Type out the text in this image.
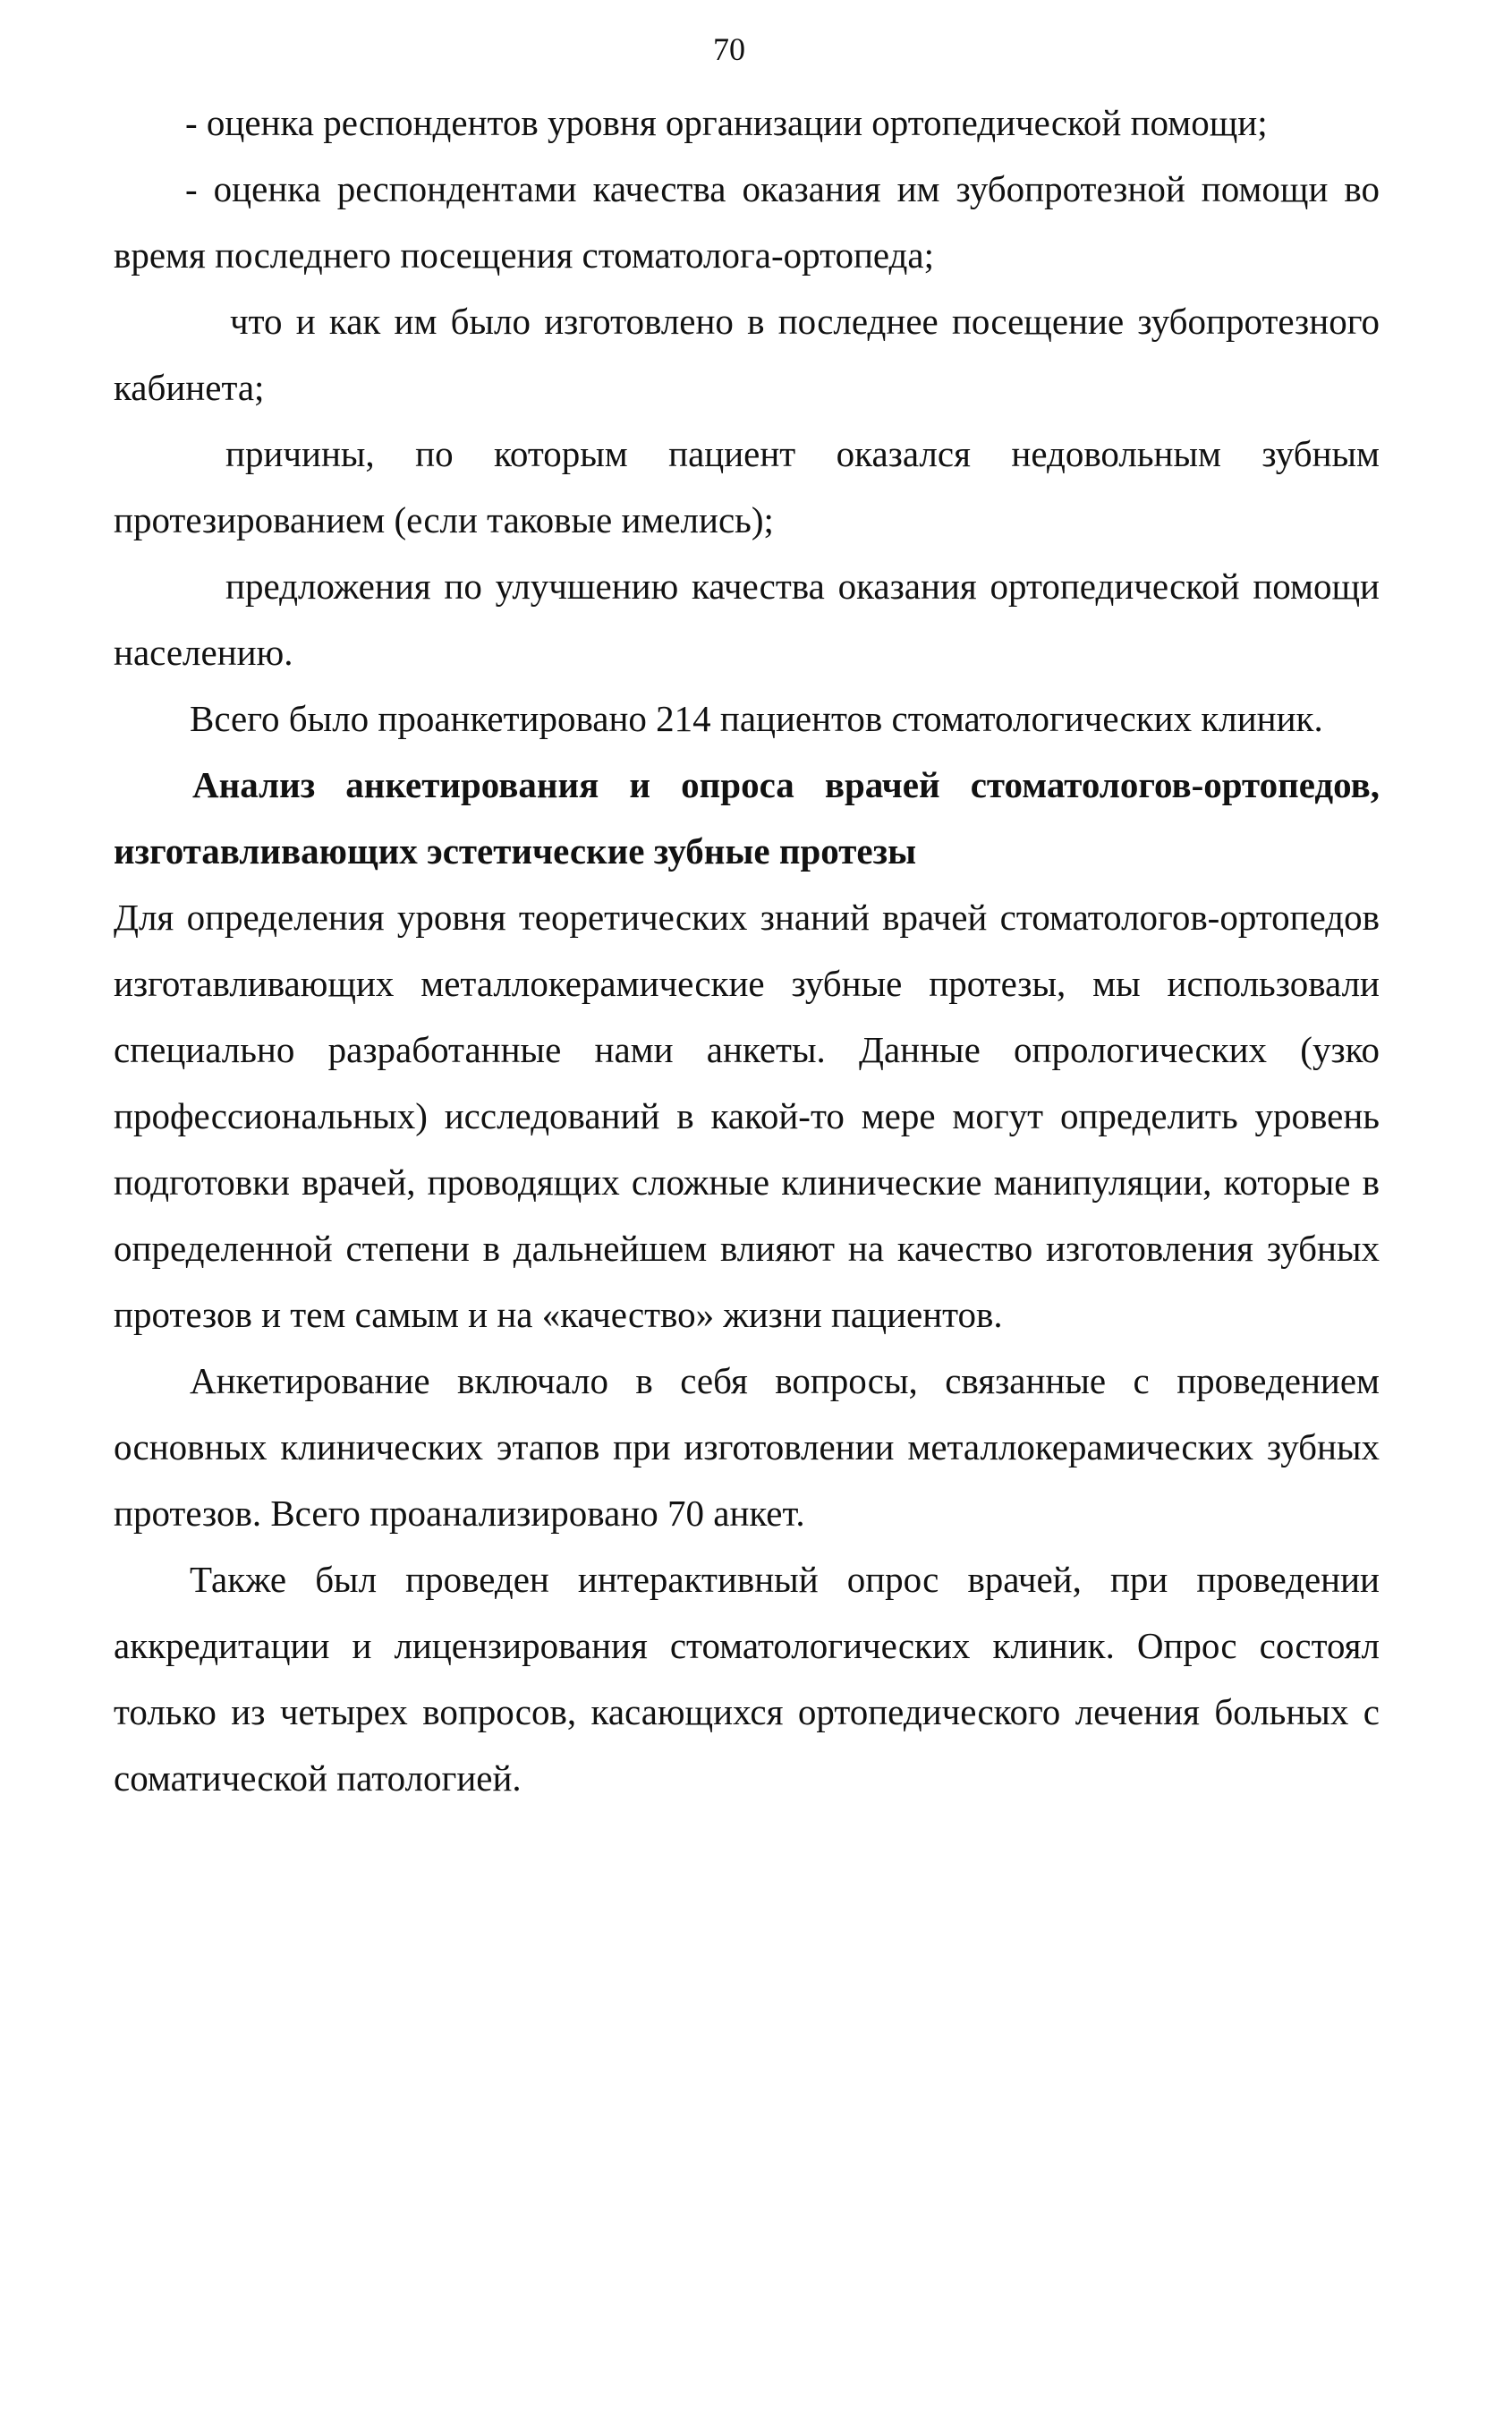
70

- оценка респондентов уровня организации ортопедической помощи;

- оценка респондентами качества оказания им зубопротезной помощи во время последнего посещения стоматолога-ортопеда;

что и как им было изготовлено в последнее посещение зубопротезного кабинета;

причины, по которым пациент оказался недовольным зубным протезированием (если таковые имелись);

предложения по улучшению качества оказания ортопедической помощи населению.

Всего было проанкетировано 214 пациентов стоматологических клиник.

Анализ анкетирования и опроса врачей стоматологов-ортопедов, изготавливающих эстетические зубные протезы

Для определения уровня теоретических знаний врачей стоматологов-ортопедов изготавливающих металлокерамические зубные протезы, мы использовали специально разработанные нами анкеты. Данные опрологических (узко профессиональных) исследований в какой-то мере могут определить уровень подготовки врачей, проводящих сложные клинические манипуляции, которые в определенной степени в дальнейшем влияют на качество изготовления зубных протезов и тем самым и на «качество» жизни пациентов.

Анкетирование включало в себя вопросы, связанные с проведением основных клинических этапов при изготовлении металлокерамических зубных протезов. Всего проанализировано 70 анкет.

Также был проведен интерактивный опрос врачей, при проведении аккредитации и лицензирования стоматологических клиник. Опрос состоял только из четырех вопросов, касающихся ортопедического лечения больных с соматической патологией.
